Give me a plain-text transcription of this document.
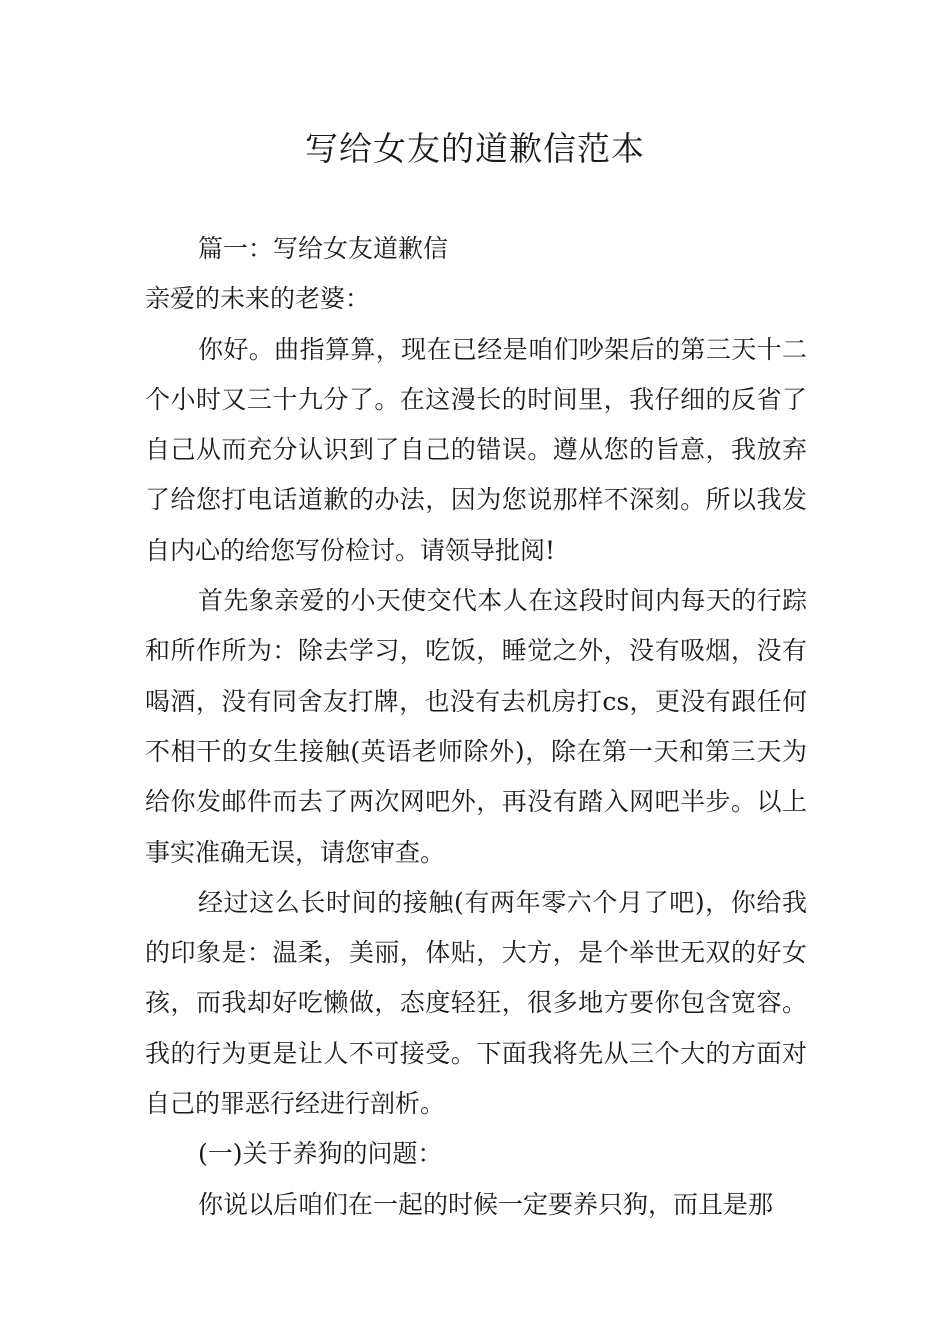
写给女友的道歉信范本

篇一：写给女友道歉信

亲爱的未来的老婆：

你好。曲指算算，现在已经是咱们吵架后的第三天十二个小时又三十九分了。在这漫长的时间里，我仔细的反省了自己从而充分认识到了自己的错误。遵从您的旨意，我放弃了给您打电话道歉的办法，因为您说那样不深刻。所以我发自内心的给您写份检讨。请领导批阅!

首先象亲爱的小天使交代本人在这段时间内每天的行踪和所作所为：除去学习，吃饭，睡觉之外，没有吸烟，没有喝酒，没有同舍友打牌，也没有去机房打cs，更没有跟任何不相干的女生接触(英语老师除外)，除在第一天和第三天为给你发邮件而去了两次网吧外，再没有踏入网吧半步。以上事实准确无误，请您审查。

经过这么长时间的接触(有两年零六个月了吧)，你给我的印象是：温柔，美丽，体贴，大方，是个举世无双的好女孩，而我却好吃懒做，态度轻狂，很多地方要你包含宽容。我的行为更是让人不可接受。下面我将先从三个大的方面对自己的罪恶行经进行剖析。

(一)关于养狗的问题：

你说以后咱们在一起的时候一定要养只狗，而且是那
